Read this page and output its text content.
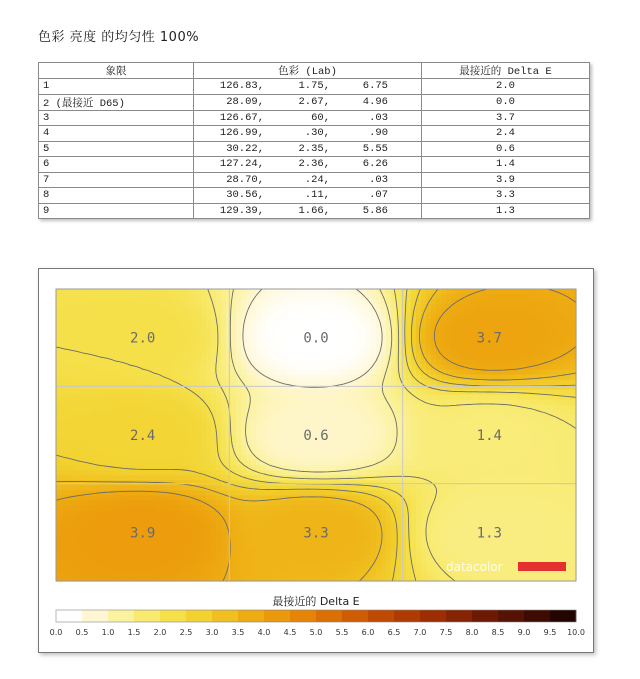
色彩 亮度 的均匀性 100%
象限	色彩 (Lab)	最接近的 Delta E
1	126.83, 1.75, 6.75	2.0
2 (最接近 D65)	28.09, 2.67, 4.96	0.0
3	126.67, 60, .03	3.7
4	126.99, .30, .90	2.4
5	30.22, 2.35, 5.55	0.6
6	127.24, 2.36, 6.26	1.4
7	28.70, .24, .03	3.9
8	30.56, .11, .07	3.3
9	129.39, 1.66, 5.86	1.3
2.0	0.0	3.7
2.4	0.6	1.4
3.9	3.3	1.3
datacolor
最接近的 Delta E
0.0 0.5 1.0 1.5 2.0 2.5 3.0 3.5 4.0 4.5 5.0 5.5 6.0 6.5 7.0 7.5 8.0 8.5 9.0 9.5 10.0
